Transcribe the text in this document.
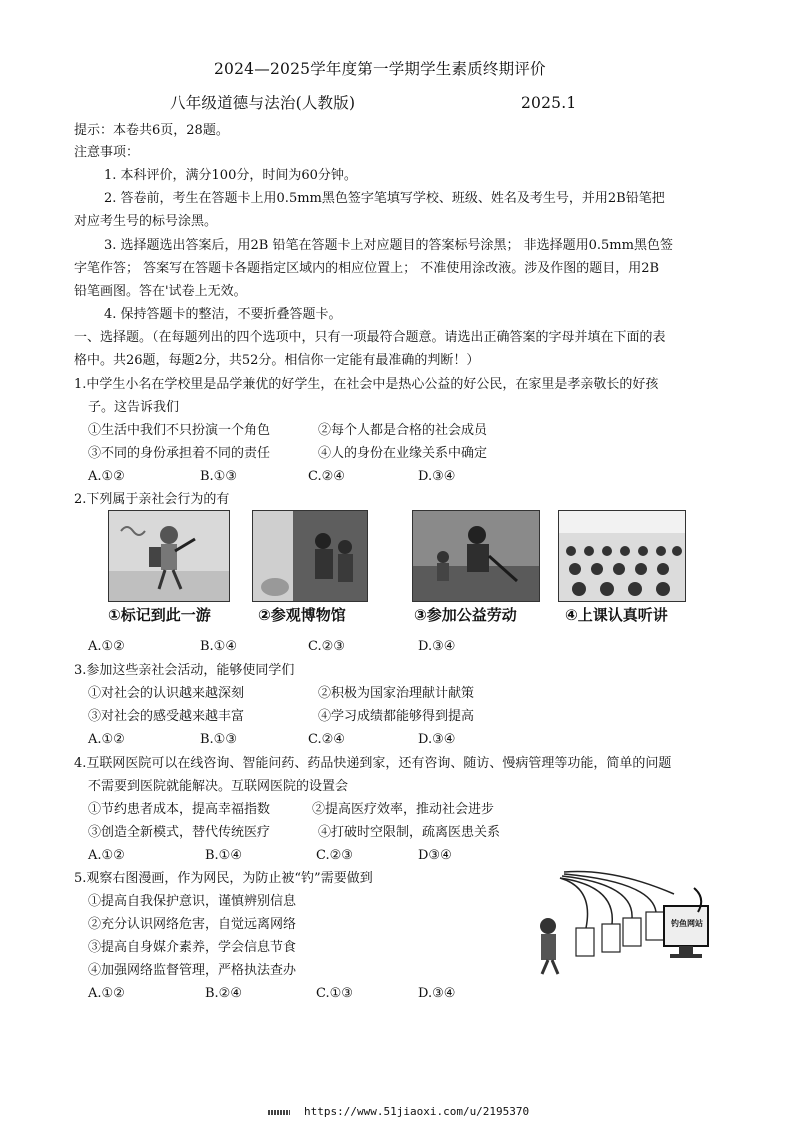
2024—2025学年度第一学期学生素质终期评价
八年级道德与法治(人教版)	2025.1
提示：本卷共6页，28题。
注意事项：
1. 本科评价，满分100分，时间为60分钟。
2. 答卷前，考生在答题卡上用0.5mm黑色签字笔填写学校、班级、姓名及考生号，并用2B铅笔把
对应考生号的标号涂黑。
3. 选择题选出答案后，用2B 铅笔在答题卡上对应题目的答案标号涂黑； 非选择题用0.5mm黑色签
字笔作答； 答案写在答题卡各题指定区域内的相应位置上； 不准使用涂改液。涉及作图的题目，用2B
铅笔画图。答在'试卷上无效。
4. 保持答题卡的整洁，不要折叠答题卡。
一、选择题。（在每题列出的四个选项中，只有一项最符合题意。请选出正确答案的字母并填在下面的表
格中。共26题，每题2分，共52分。相信你一定能有最准确的判断！）
1.中学生小名在学校里是品学兼优的好学生，在社会中是热心公益的好公民，在家里是孝亲敬长的好孩
子。这告诉我们
①生活中我们不只扮演一个角色	②每个人都是合格的社会成员
③不同的身份承担着不同的责任	④人的身份在业缘关系中确定
A.①②	B.①③	C.②④	D.③④
2.下列属于亲社会行为的有
①标记到此一游	②参观博物馆	③参加公益劳动	④上课认真听讲
A.①②	B.①④	C.②③	D.③④
3.参加这些亲社会活动，能够使同学们
①对社会的认识越来越深刻	②积极为国家治理献计献策
③对社会的感受越来越丰富	④学习成绩都能够得到提高
A.①②	B.①③	C.②④	D.③④
4.互联网医院可以在线咨询、智能问药、药品快递到家，还有咨询、随访、慢病管理等功能，简单的问题
不需要到医院就能解决。互联网医院的设置会
①节约患者成本，提高幸福指数	②提高医疗效率，推动社会进步
③创造全新模式，替代传统医疗	④打破时空限制，疏离医患关系
A.①②	B.①④	C.②③	D③④
5.观察右图漫画，作为网民，为防止被“钓”需要做到
①提高自我保护意识，谨慎辨别信息
②充分认识网络危害，自觉远离网络
③提高自身媒介素养，学会信息节食
④加强网络监督管理，严格执法查办
A.①②	B.②④	C.①③	D.③④
钓鱼网站
https://www.51jiaoxi.com/u/2195370
